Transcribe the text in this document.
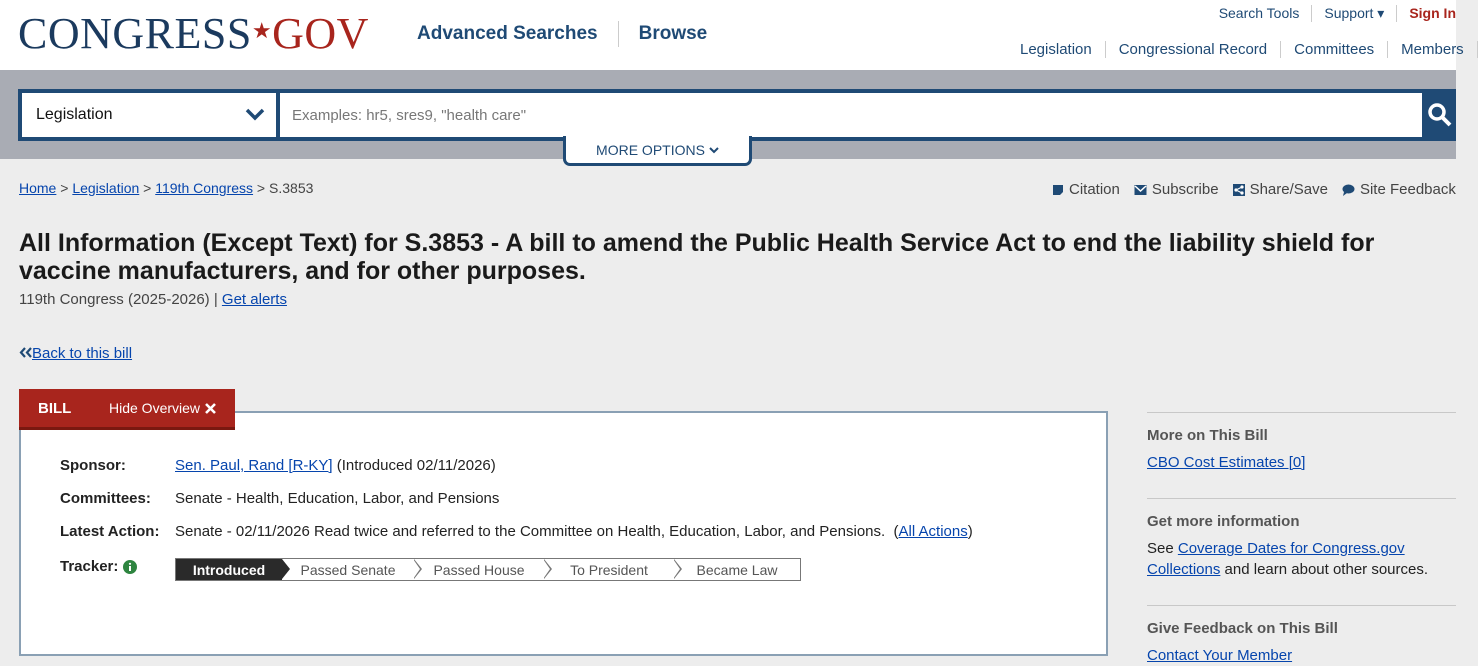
CONGRESS★GOV	Advanced Searches Browse
Search Tools	Support ▾	Sign In
Legislation	Congressional Record	Committees	Members
Legislation
Examples: hr5, sres9, "health care"
MORE OPTIONS
Home > Legislation > 119th Congress > S.3853	Citation Subscribe Share/Save Site Feedback
All Information (Except Text) for S.3853 - A bill to amend the Public Health Service Act to end the liability shield for vaccine manufacturers, and for other purposes.
119th Congress (2025-2026) | Get alerts
Back to this bill
Sponsor:	Sen. Paul, Rand [R-KY] (Introduced 02/11/2026)
Committees:	Senate - Health, Education, Labor, and Pensions
Latest Action:	Senate - 02/11/2026 Read twice and referred to the Committee on Health, Education, Labor, and Pensions.  (All Actions)
Tracker:	Introduced	Passed Senate	Passed House	To President	Became Law
BILL	Hide Overview
More on This Bill

CBO Cost Estimates [0]

Get more information

See Coverage Dates for Congress.gov Collections and learn about other sources.

Give Feedback on This Bill

Contact Your Member
